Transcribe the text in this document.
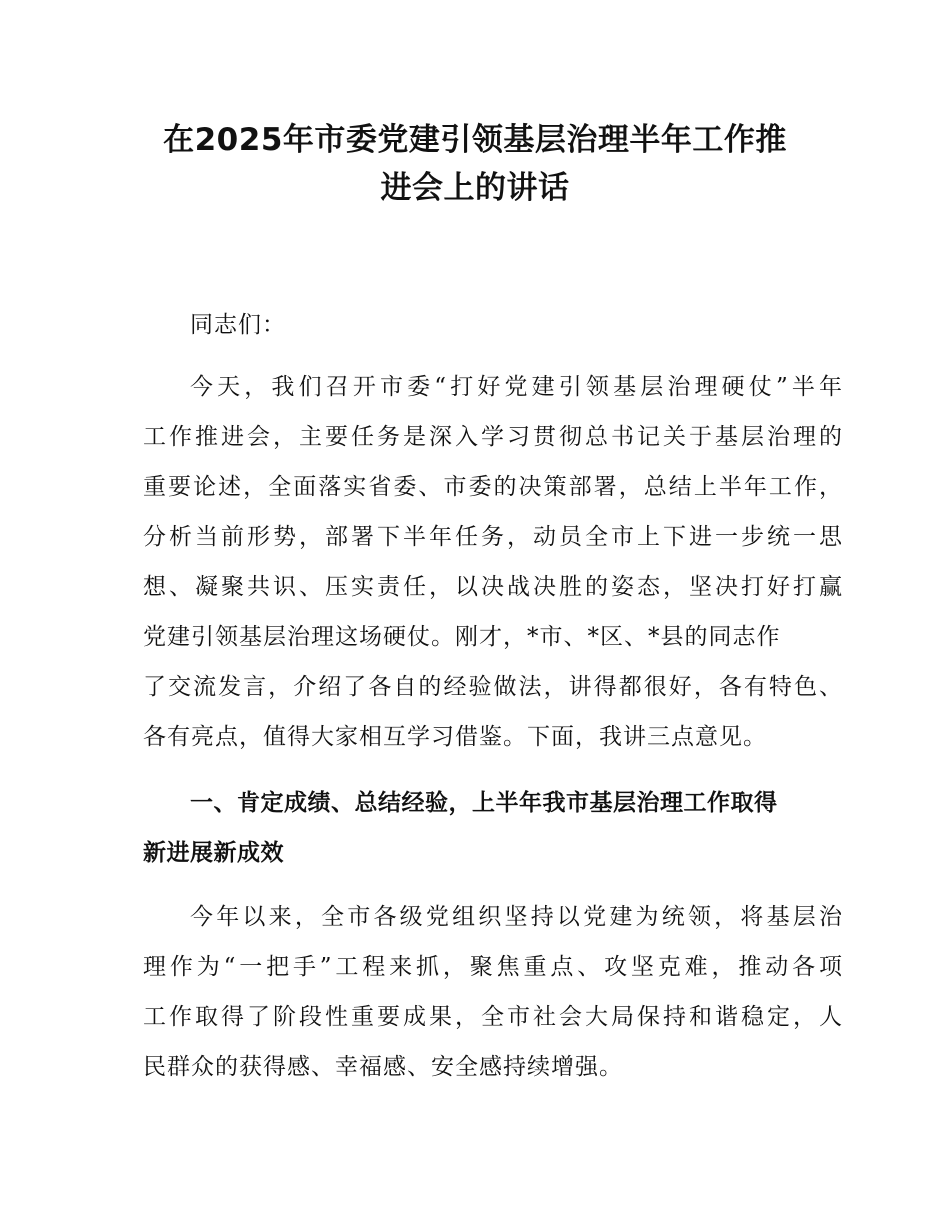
在2025年市委党建引领基层治理半年工作推
进会上的讲话
同志们：
今天，我们召开市委“打好党建引领基层治理硬仗”半年
工作推进会，主要任务是深入学习贯彻总书记关于基层治理的
重要论述，全面落实省委、市委的决策部署，总结上半年工作，
分析当前形势，部署下半年任务，动员全市上下进一步统一思
想、凝聚共识、压实责任，以决战决胜的姿态，坚决打好打赢
党建引领基层治理这场硬仗。刚才，*市、*区、*县的同志作
了交流发言，介绍了各自的经验做法，讲得都很好，各有特色、
各有亮点，值得大家相互学习借鉴。下面，我讲三点意见。
一、肯定成绩、总结经验，上半年我市基层治理工作取得
新进展新成效
今年以来，全市各级党组织坚持以党建为统领，将基层治
理作为“一把手”工程来抓，聚焦重点、攻坚克难，推动各项
工作取得了阶段性重要成果，全市社会大局保持和谐稳定，人
民群众的获得感、幸福感、安全感持续增强。
